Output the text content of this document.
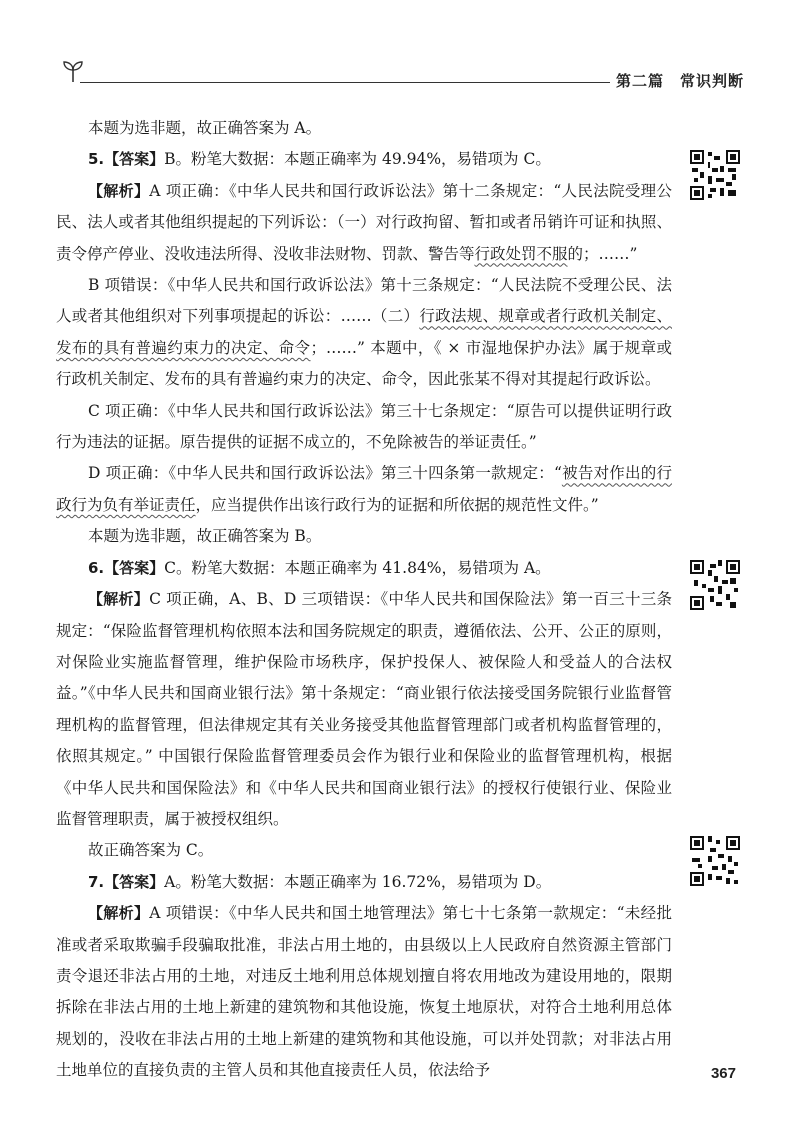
第二篇　常识判断

本题为选非题，故正确答案为 A。

5.【答案】B。粉笔大数据：本题正确率为 49.94%，易错项为 C。

【解析】A 项正确：《中华人民共和国行政诉讼法》第十二条规定：“人民法院受理公民、法人或者其他组织提起的下列诉讼：（一）对行政拘留、暂扣或者吊销许可证和执照、责令停产停业、没收违法所得、没收非法财物、罚款、警告等行政处罚不服的；……”

B 项错误：《中华人民共和国行政诉讼法》第十三条规定：“人民法院不受理公民、法人或者其他组织对下列事项提起的诉讼：……（二）行政法规、规章或者行政机关制定、发布的具有普遍约束力的决定、命令；……” 本题中，《 × 市湿地保护办法》属于规章或行政机关制定、发布的具有普遍约束力的决定、命令，因此张某不得对其提起行政诉讼。

C 项正确：《中华人民共和国行政诉讼法》第三十七条规定：“原告可以提供证明行政行为违法的证据。原告提供的证据不成立的，不免除被告的举证责任。”

D 项正确：《中华人民共和国行政诉讼法》第三十四条第一款规定：“被告对作出的行政行为负有举证责任，应当提供作出该行政行为的证据和所依据的规范性文件。”

本题为选非题，故正确答案为 B。

6.【答案】C。粉笔大数据：本题正确率为 41.84%，易错项为 A。

【解析】C 项正确，A、B、D 三项错误：《中华人民共和国保险法》第一百三十三条规定：“保险监督管理机构依照本法和国务院规定的职责，遵循依法、公开、公正的原则，对保险业实施监督管理，维护保险市场秩序，保护投保人、被保险人和受益人的合法权益。”《中华人民共和国商业银行法》第十条规定：“商业银行依法接受国务院银行业监督管理机构的监督管理，但法律规定其有关业务接受其他监督管理部门或者机构监督管理的，依照其规定。” 中国银行保险监督管理委员会作为银行业和保险业的监督管理机构，根据《中华人民共和国保险法》和《中华人民共和国商业银行法》的授权行使银行业、保险业监督管理职责，属于被授权组织。

故正确答案为 C。

7.【答案】A。粉笔大数据：本题正确率为 16.72%，易错项为 D。

【解析】A 项错误：《中华人民共和国土地管理法》第七十七条第一款规定：“未经批准或者采取欺骗手段骗取批准，非法占用土地的，由县级以上人民政府自然资源主管部门责令退还非法占用的土地，对违反土地利用总体规划擅自将农用地改为建设用地的，限期拆除在非法占用的土地上新建的建筑物和其他设施，恢复土地原状，对符合土地利用总体规划的，没收在非法占用的土地上新建的建筑物和其他设施，可以并处罚款；对非法占用土地单位的直接负责的主管人员和其他直接责任人员，依法给予	367
